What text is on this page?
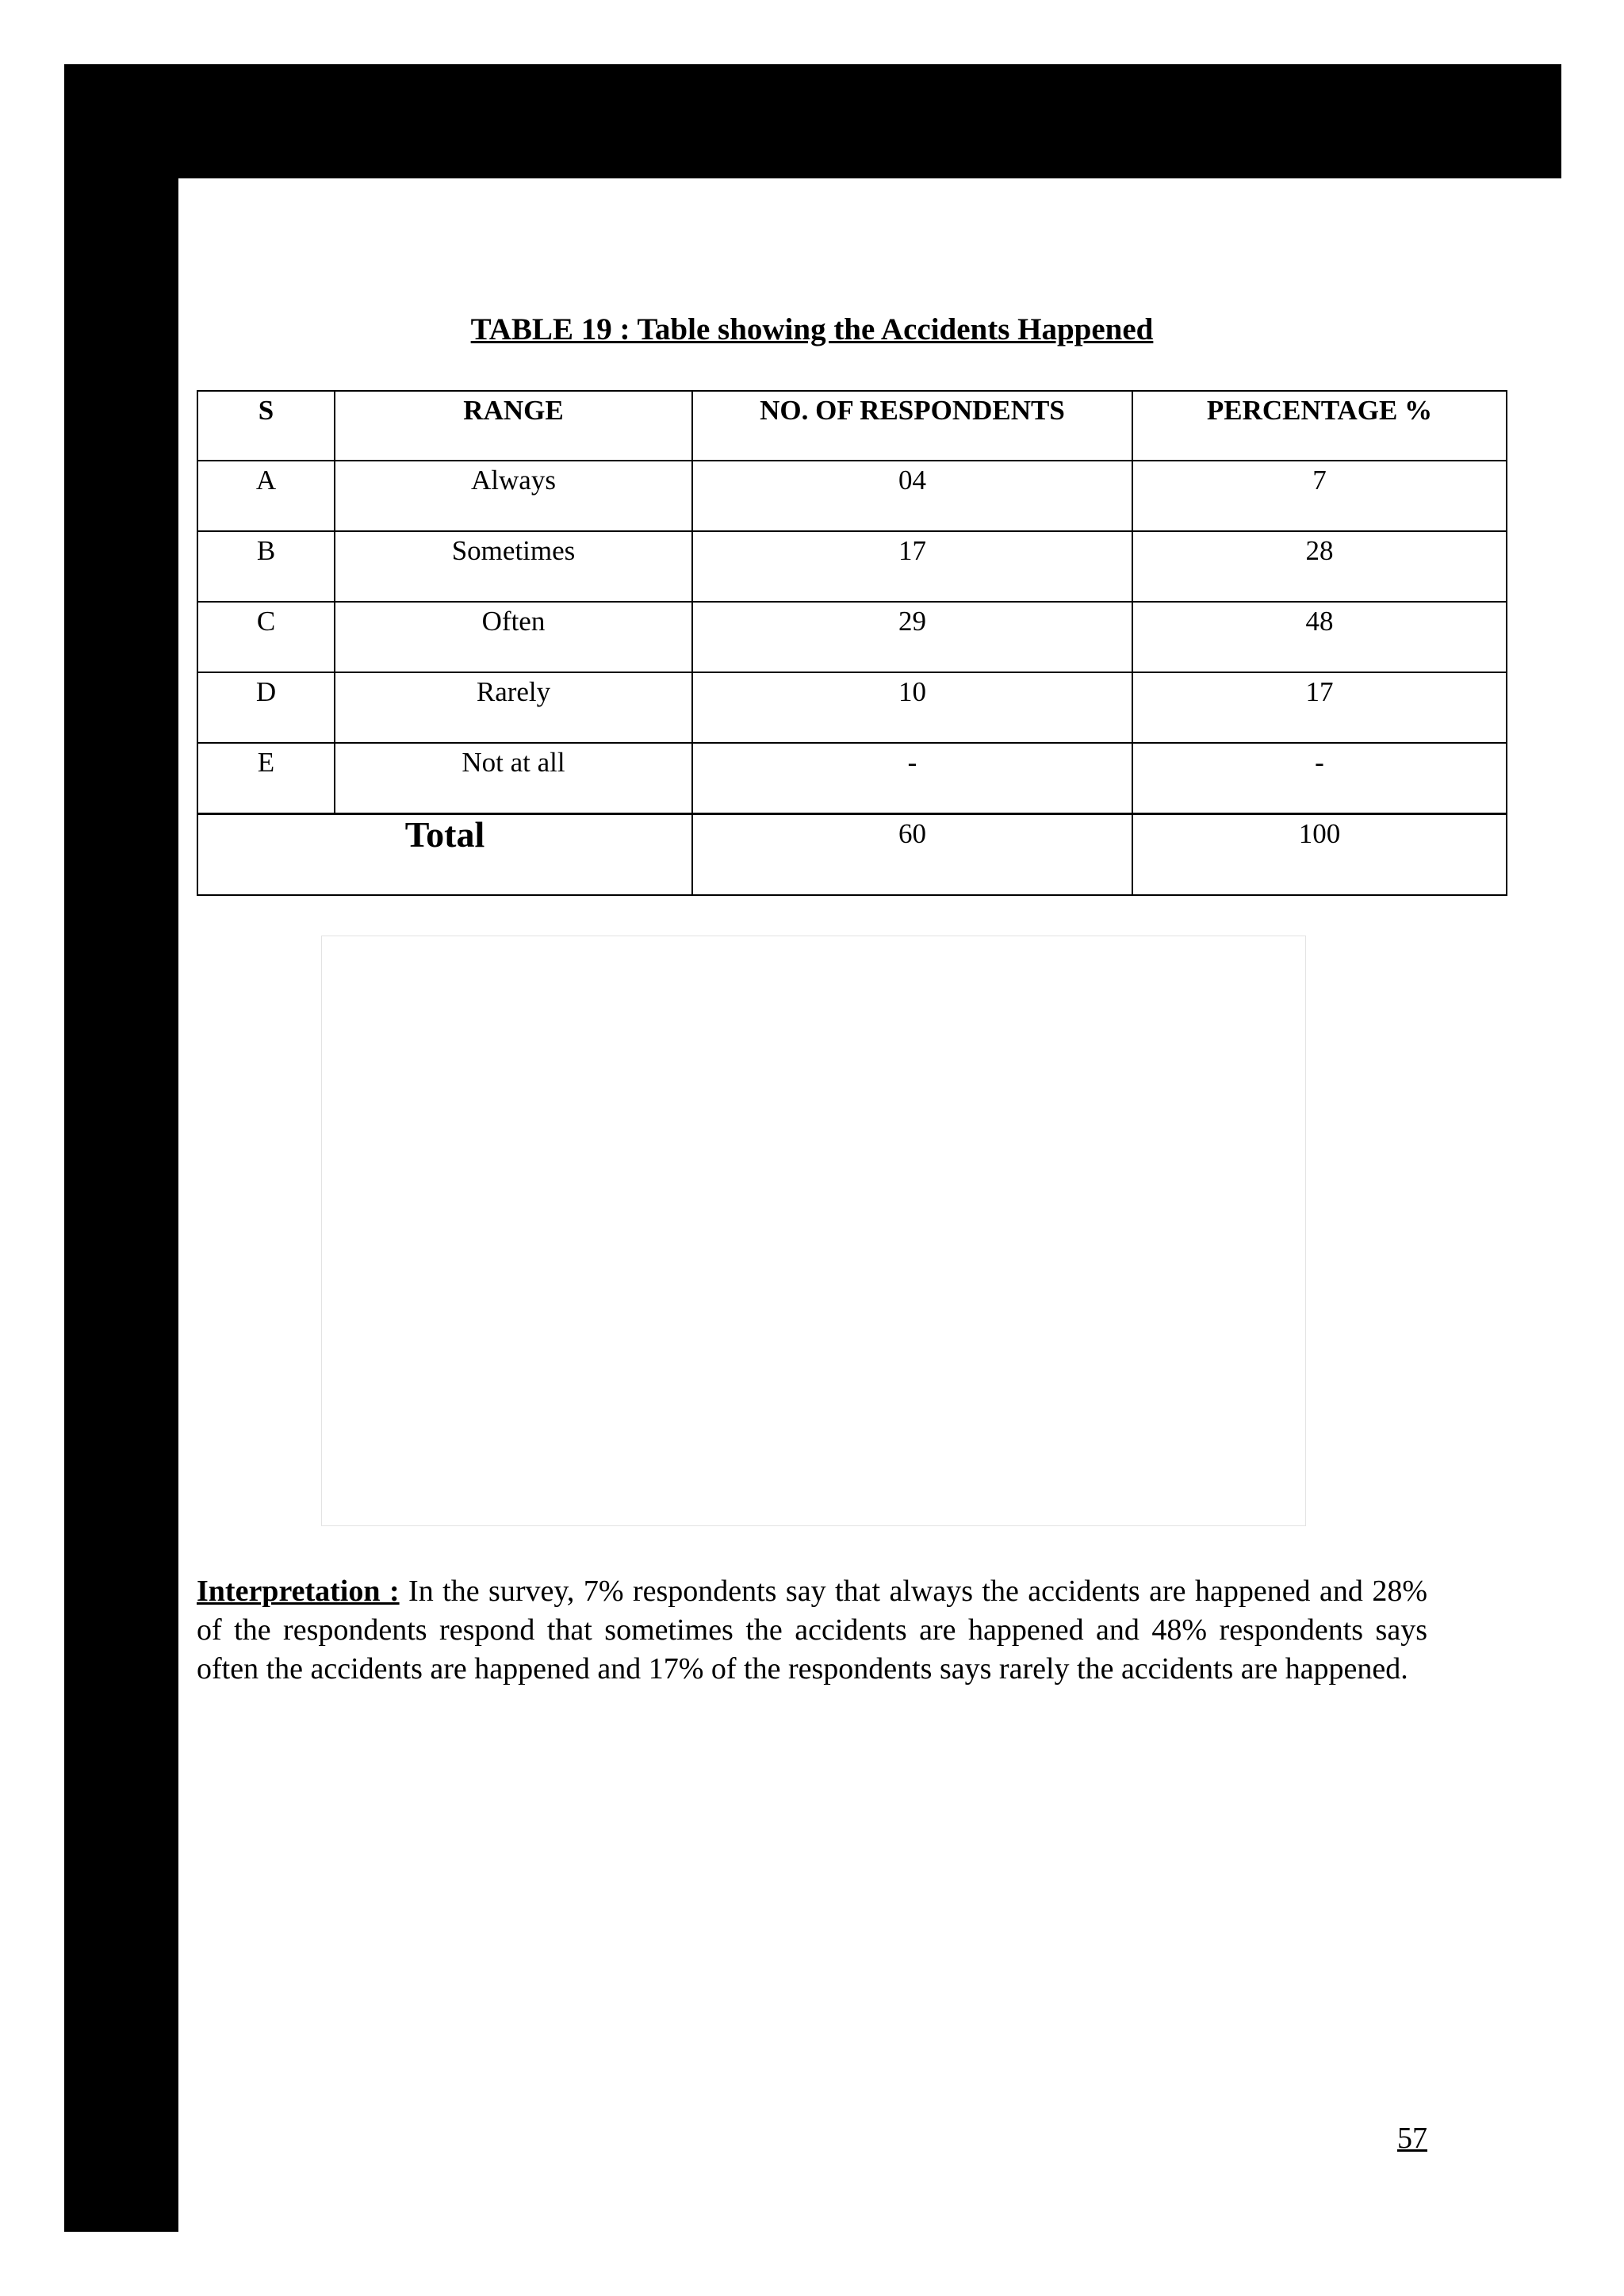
TABLE 19 : Table showing the Accidents Happened
S	RANGE	NO. OF RESPONDENTS	PERCENTAGE %
A	Always	04	7
B	Sometimes	17	28
C	Often	29	48
D	Rarely	10	17
E	Not at all	-	-
Total		60	100
Interpretation : In the survey, 7% respondents say that always the accidents are happened and 28% of the respondents respond that sometimes the accidents are happened and 48% respondents says often the accidents are happened and 17% of the respondents says rarely the accidents are happened.
57
